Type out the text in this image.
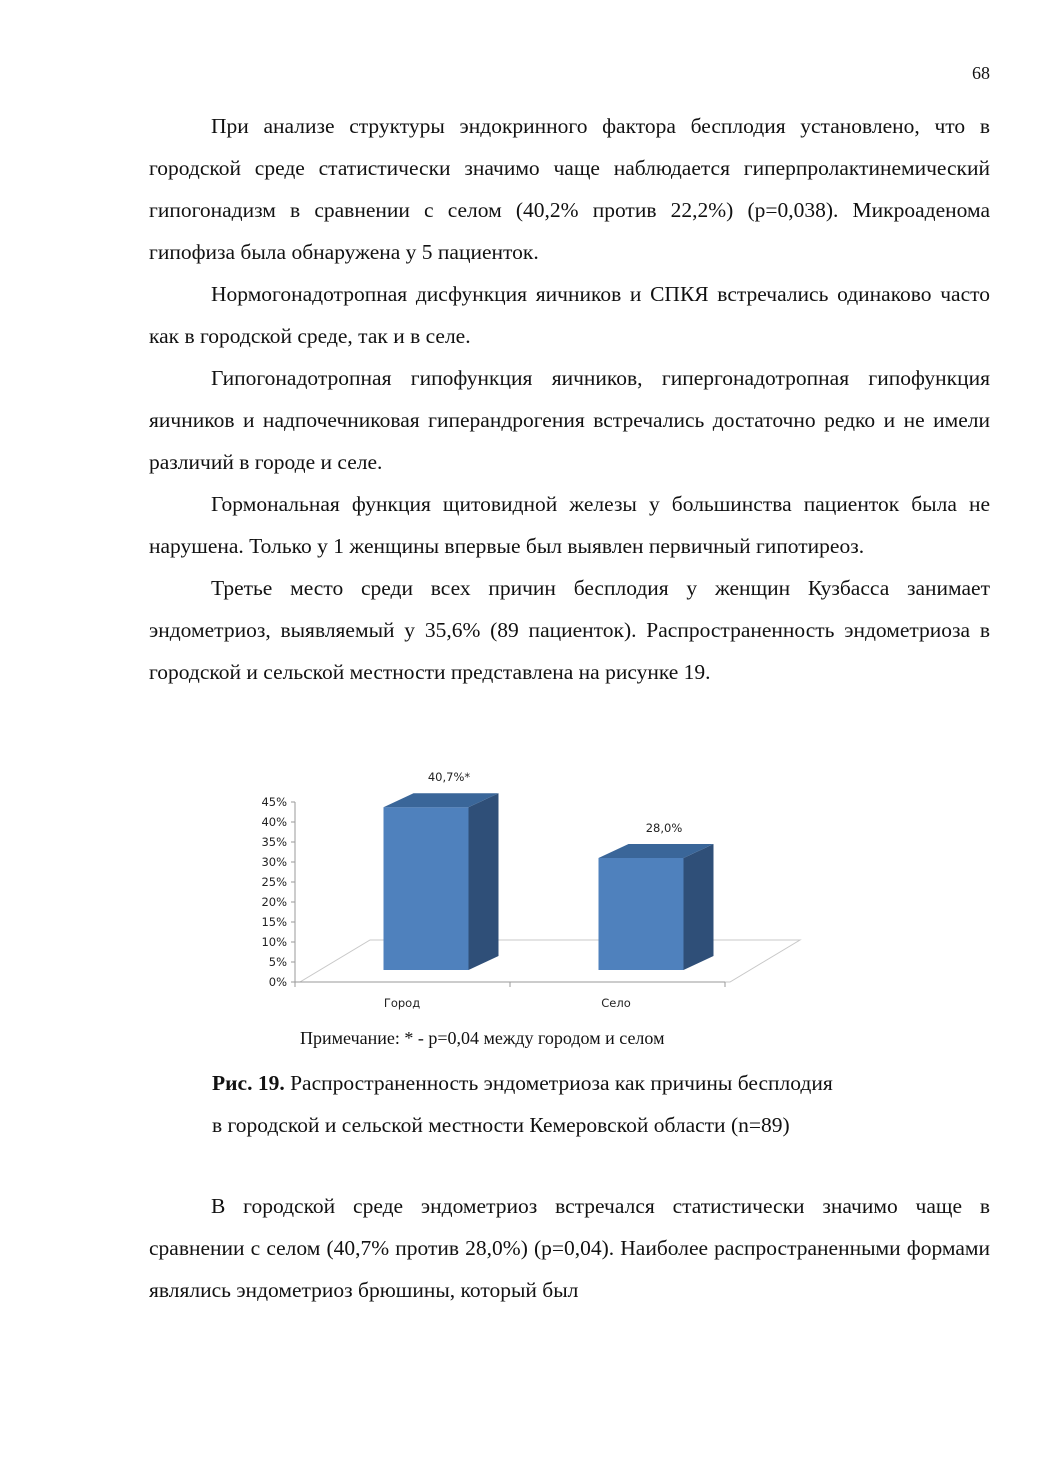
68

При анализе структуры эндокринного фактора бесплодия установлено, что в городской среде статистически значимо чаще наблюдается гиперпролактинемический гипогонадизм в сравнении с селом (40,2% против 22,2%) (р=0,038). Микроаденома гипофиза была обнаружена у 5 пациенток.

Нормогонадотропная дисфункция яичников и СПКЯ встречались одинаково часто как в городской среде, так и в селе.

Гипогонадотропная гипофункция яичников, гипергонадотропная гипофункция яичников и надпочечниковая гиперандрогения встречались достаточно редко и не имели различий в городе и селе.

Гормональная функция щитовидной железы у большинства пациенток была не нарушена. Только у 1 женщины впервые был выявлен первичный гипотиреоз.

Третье место среди всех причин бесплодия у женщин Кузбасса занимает эндометриоз, выявляемый у 35,6% (89 пациенток). Распространенность эндометриоза в городской и сельской местности представлена на рисунке 19.

0%
5%
10%
15%
20%
25%
30%
35%
40%
45%
40,7%*
Город
28,0%
Село
Примечание: * - р=0,04 между городом и селом
Рис. 19. Распространенность эндометриоза как причины бесплодия
в городской и сельской местности Кемеровской области (n=89)

В городской среде эндометриоз встречался статистически значимо чаще в сравнении с селом (40,7% против 28,0%) (р=0,04). Наиболее распространенными формами являлись эндометриоз брюшины, который был
